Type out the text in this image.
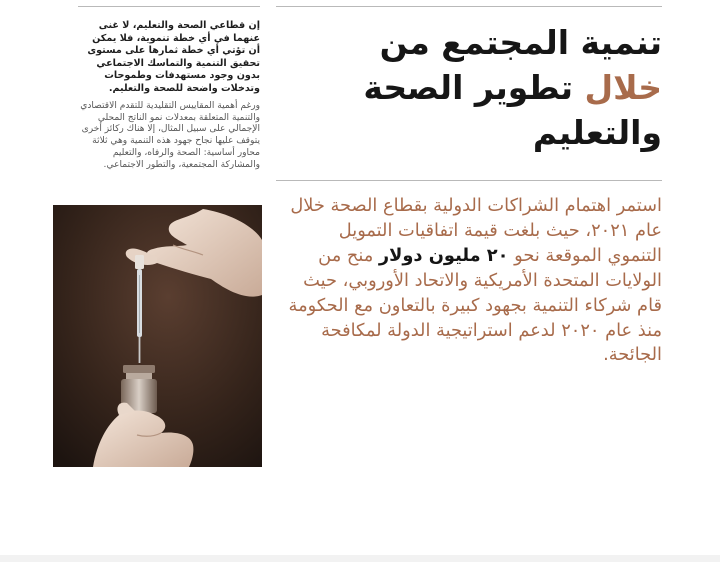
إن قطاعي الصحة والتعليم، لا غنى عنهما في أي خطة تنموية، فلا يمكن أن تؤتي أي خطة ثمارها على مستوى تحقيق التنمية والتماسك الاجتماعي بدون وجود مستهدفات وطموحات وتدخلات واضحة للصحة والتعليم.

ورغم أهمية المقاييس التقليدية للتقدم الاقتصادي والتنمية المتعلقة بمعدلات نمو الناتج المحلي الإجمالي على سبيل المثال، إلا هناك ركائز أخرى يتوقف عليها نجاح جهود هذه التنمية وهي ثلاثة محاور أساسية: الصحة والرفاه، والتعليم والمشاركة المجتمعية، والتطور الاجتماعي.

تنمية المجتمع من
خلال تطوير الصحة
والتعليم

استمر اهتمام الشراكات الدولية بقطاع الصحة خلال عام ٢٠٢١، حيث بلغت قيمة اتفاقيات التمويل التنموي الموقعة نحو ٢٠ مليون دولار منح من الولايات المتحدة الأمريكية والاتحاد الأوروبي، حيث قام شركاء التنمية بجهود كبيرة بالتعاون مع الحكومة منذ عام ٢٠٢٠ لدعم استراتيجية الدولة لمكافحة الجائحة.
